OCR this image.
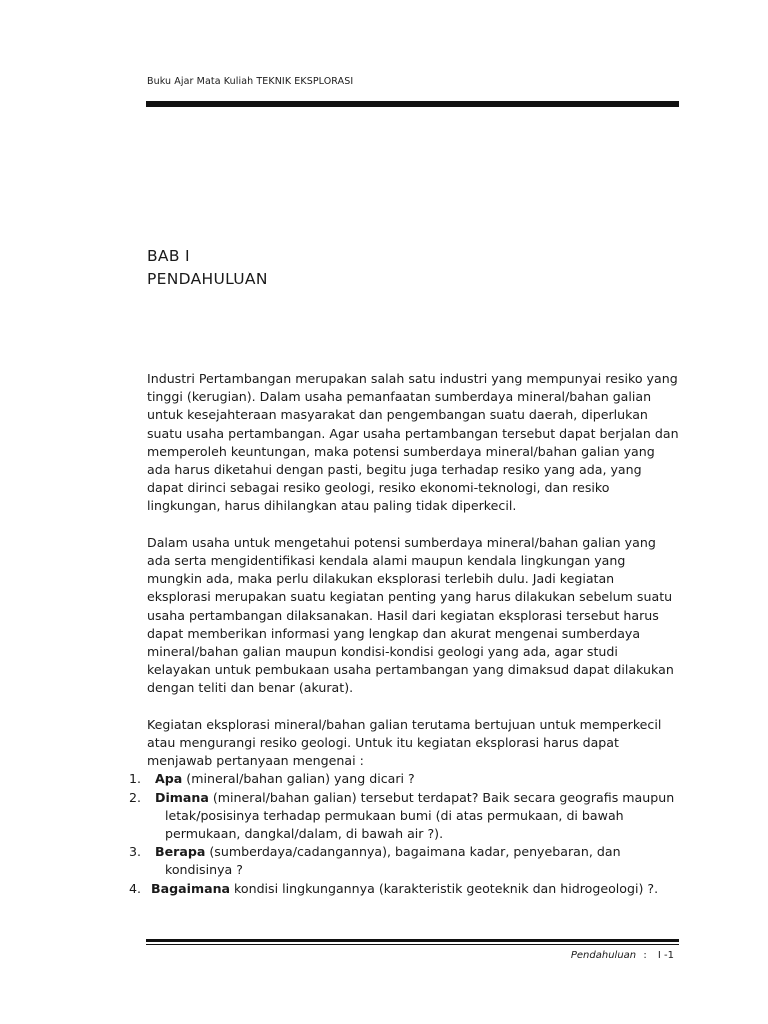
Buku Ajar Mata Kuliah TEKNIK EKSPLORASI
BAB I
PENDAHULUAN

Industri Pertambangan merupakan salah satu industri yang mempunyai resiko yang tinggi (kerugian). Dalam usaha pemanfaatan sumberdaya mineral/bahan galian untuk kesejahteraan masyarakat dan pengembangan suatu daerah, diperlukan suatu usaha pertambangan. Agar usaha pertambangan tersebut dapat berjalan dan memperoleh keuntungan, maka potensi sumberdaya mineral/bahan galian yang ada harus diketahui dengan pasti, begitu juga terhadap resiko yang ada, yang dapat dirinci sebagai resiko geologi, resiko ekonomi-teknologi, dan resiko lingkungan, harus dihilangkan atau paling tidak diperkecil.

Dalam usaha untuk mengetahui potensi sumberdaya mineral/bahan galian yang ada serta mengidentifikasi kendala alami maupun kendala lingkungan yang mungkin ada, maka perlu dilakukan eksplorasi terlebih dulu. Jadi kegiatan eksplorasi merupakan suatu kegiatan penting yang harus dilakukan sebelum suatu usaha pertambangan dilaksanakan. Hasil dari kegiatan eksplorasi tersebut harus dapat memberikan informasi yang lengkap dan akurat mengenai sumberdaya mineral/bahan galian maupun kondisi-kondisi geologi yang ada, agar studi kelayakan untuk pembukaan usaha pertambangan yang dimaksud dapat dilakukan dengan teliti dan benar (akurat).

Kegiatan eksplorasi mineral/bahan galian terutama bertujuan untuk memperkecil atau mengurangi resiko geologi. Untuk itu kegiatan eksplorasi harus dapat menjawab pertanyaan mengenai :

1. Apa (mineral/bahan galian) yang dicari ?
2. Dimana (mineral/bahan galian) tersebut terdapat? Baik secara geografis maupun letak/posisinya terhadap permukaan bumi (di atas permukaan, di bawah permukaan, dangkal/dalam, di bawah air ?).
3. Berapa (sumberdaya/cadangannya), bagaimana kadar, penyebaran, dan kondisinya ?
4. Bagaimana kondisi lingkungannya (karakteristik geoteknik dan hidrogeologi) ?.
Pendahuluan : I -1
